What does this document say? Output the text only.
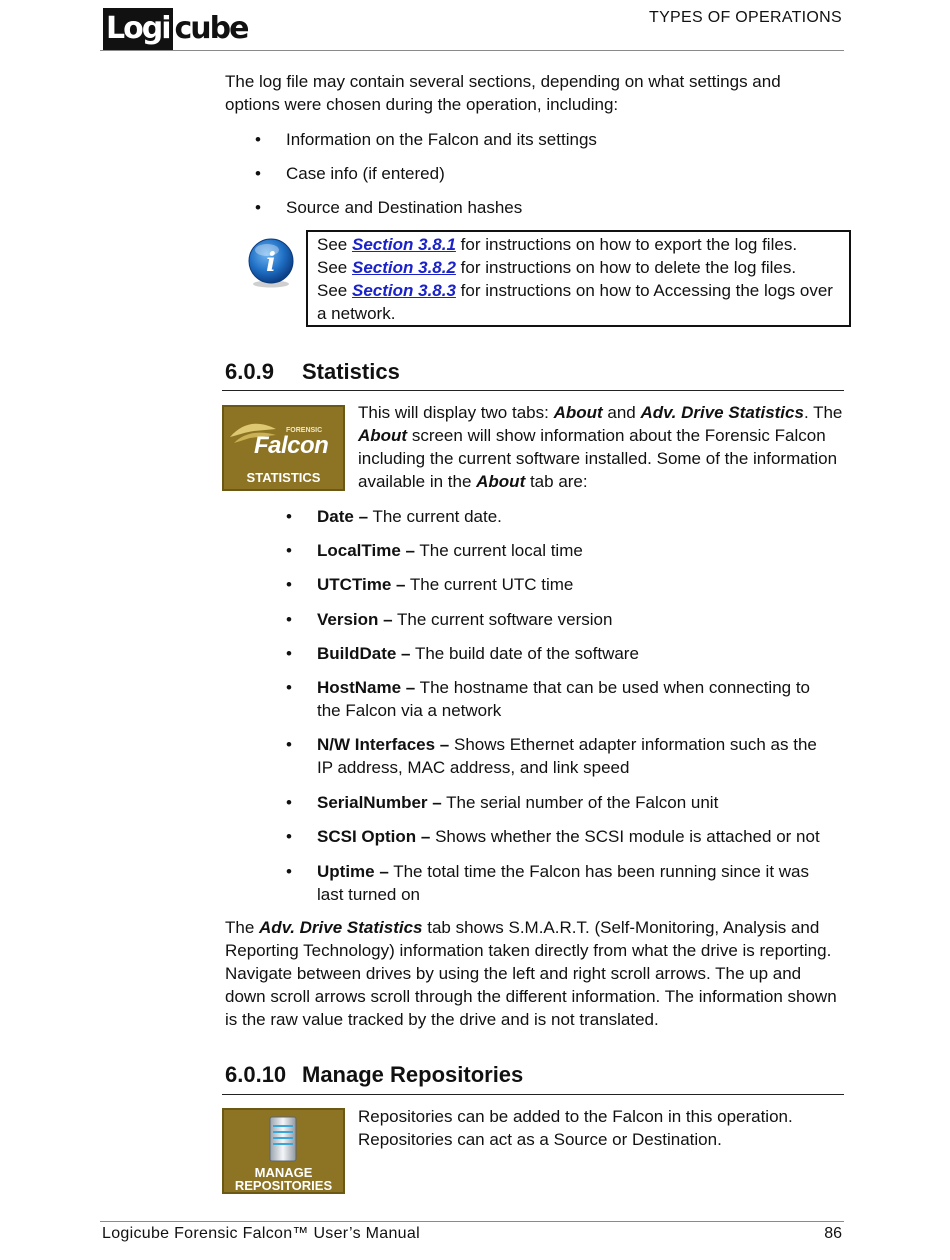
Logi cube	TYPES OF OPERATIONS
The log file may contain several sections, depending on what settings and options were chosen during the operation, including:
• Information on the Falcon and its settings
• Case info (if entered)
• Source and Destination hashes
i
See Section 3.8.1 for instructions on how to export the log files.
See Section 3.8.2 for instructions on how to delete the log files.
See Section 3.8.3 for instructions on how to Accessing the logs over a network.
6.0.9 Statistics
FORENSIC
Falcon
STATISTICS
This will display two tabs: About and Adv. Drive Statistics. The About screen will show information about the Forensic Falcon including the current software installed. Some of the information available in the About tab are:
• Date – The current date.
• LocalTime – The current local time
• UTCTime – The current UTC time
• Version – The current software version
• BuildDate – The build date of the software
• HostName – The hostname that can be used when connecting to the Falcon via a network
• N/W Interfaces – Shows Ethernet adapter information such as the IP address, MAC address, and link speed
• SerialNumber – The serial number of the Falcon unit
• SCSI Option – Shows whether the SCSI module is attached or not
• Uptime – The total time the Falcon has been running since it was last turned on
The Adv. Drive Statistics tab shows S.M.A.R.T. (Self-Monitoring, Analysis and Reporting Technology) information taken directly from what the drive is reporting. Navigate between drives by using the left and right scroll arrows. The up and down scroll arrows scroll through the different information. The information shown is the raw value tracked by the drive and is not translated.
6.0.10 Manage Repositories
MANAGE
REPOSITORIES
Repositories can be added to the Falcon in this operation. Repositories can act as a Source or Destination.
Logicube Forensic Falcon™ User’s Manual	86
